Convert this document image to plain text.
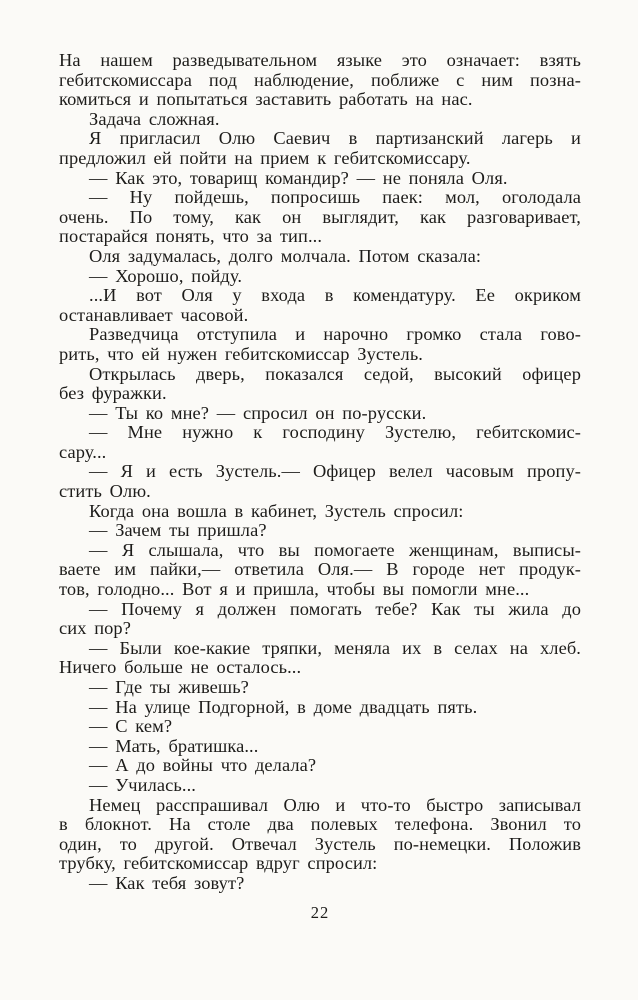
На нашем разведывательном языке это означает: взять
гебитскомиссара под наблюдение, поближе с ним позна-
комиться и попытаться заставить работать на нас.
Задача сложная.
Я пригласил Олю Саевич в партизанский лагерь и
предложил ей пойти на прием к гебитскомиссару.
— Как это, товарищ командир? — не поняла Оля.
— Ну пойдешь, попросишь паек: мол, оголодала
очень. По тому, как он выглядит, как разговаривает,
постарайся понять, что за тип...
Оля задумалась, долго молчала. Потом сказала:
— Хорошо, пойду.
...И вот Оля у входа в комендатуру. Ее окриком
останавливает часовой.
Разведчица отступила и нарочно громко стала гово-
рить, что ей нужен гебитскомиссар Зустель.
Открылась дверь, показался седой, высокий офицер
без фуражки.
— Ты ко мне? — спросил он по-русски.
— Мне нужно к господину Зустелю, гебитскомис-
сару...
— Я и есть Зустель.— Офицер велел часовым пропу-
стить Олю.
Когда она вошла в кабинет, Зустель спросил:
— Зачем ты пришла?
— Я слышала, что вы помогаете женщинам, выписы-
ваете им пайки,— ответила Оля.— В городе нет продук-
тов, голодно... Вот я и пришла, чтобы вы помогли мне...
— Почему я должен помогать тебе? Как ты жила до
сих пор?
— Были кое-какие тряпки, меняла их в селах на хлеб.
Ничего больше не осталось...
— Где ты живешь?
— На улице Подгорной, в доме двадцать пять.
— С кем?
— Мать, братишка...
— А до войны что делала?
— Училась...
Немец расспрашивал Олю и что-то быстро записывал
в блокнот. На столе два полевых телефона. Звонил то
один, то другой. Отвечал Зустель по-немецки. Положив
трубку, гебитскомиссар вдруг спросил:
— Как тебя зовут?
22
